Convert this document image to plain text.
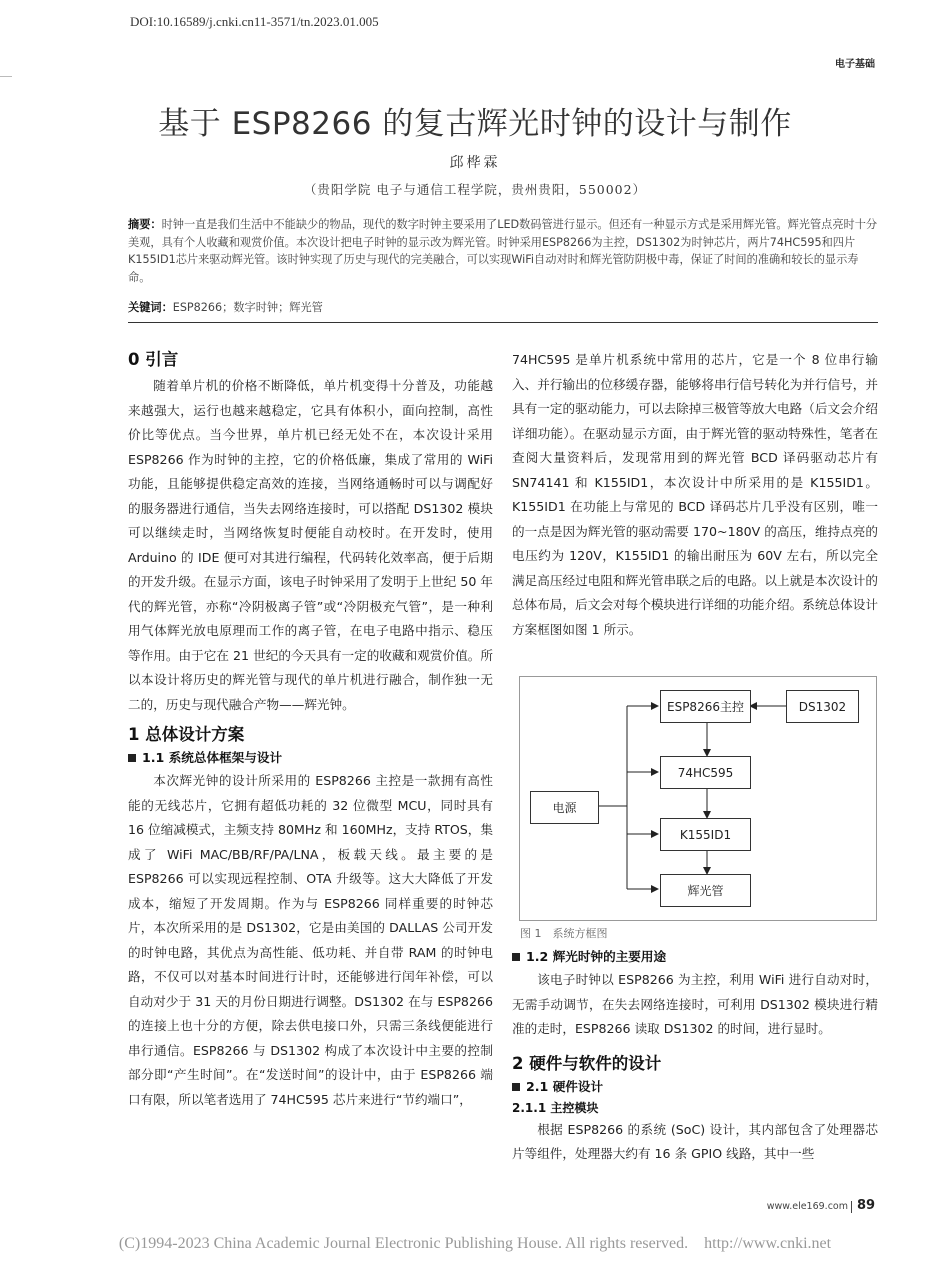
DOI:10.16589/j.cnki.cn11-3571/tn.2023.01.005
电子基础
基于 ESP8266 的复古辉光时钟的设计与制作
邱桦霖
（贵阳学院 电子与通信工程学院，贵州贵阳，550002）
摘要：时钟一直是我们生活中不能缺少的物品，现代的数字时钟主要采用了LED数码管进行显示。但还有一种显示方式是采用辉光管。辉光管点亮时十分美观，具有个人收藏和观赏价值。本次设计把电子时钟的显示改为辉光管。时钟采用ESP8266为主控，DS1302为时钟芯片，两片74HC595和四片K155ID1芯片来驱动辉光管。该时钟实现了历史与现代的完美融合，可以实现WiFi自动对时和辉光管防阴极中毒，保证了时间的准确和较长的显示寿命。
关键词：ESP8266；数字时钟；辉光管
0 引言

随着单片机的价格不断降低，单片机变得十分普及，功能越来越强大，运行也越来越稳定，它具有体积小，面向控制，高性价比等优点。当今世界，单片机已经无处不在，本次设计采用 ESP8266 作为时钟的主控，它的价格低廉，集成了常用的 WiFi 功能，且能够提供稳定高效的连接，当网络通畅时可以与调配好的服务器进行通信，当失去网络连接时，可以搭配 DS1302 模块可以继续走时，当网络恢复时便能自动校时。在开发时，使用 Arduino 的 IDE 便可对其进行编程，代码转化效率高，便于后期的开发升级。在显示方面，该电子时钟采用了发明于上世纪 50 年代的辉光管，亦称“冷阴极离子管”或“冷阴极充气管”，是一种利用气体辉光放电原理而工作的离子管，在电子电路中指示、稳压等作用。由于它在 21 世纪的今天具有一定的收藏和观赏价值。所以本设计将历史的辉光管与现代的单片机进行融合，制作独一无二的，历史与现代融合产物——辉光钟。

1 总体设计方案
1.1 系统总体框架与设计

本次辉光钟的设计所采用的 ESP8266 主控是一款拥有高性能的无线芯片，它拥有超低功耗的 32 位微型 MCU，同时具有 16 位缩减模式，主频支持 80MHz 和 160MHz，支持 RTOS，集成了 WiFi MAC/BB/RF/PA/LNA，板载天线。最主要的是 ESP8266 可以实现远程控制、OTA 升级等。这大大降低了开发成本，缩短了开发周期。作为与 ESP8266 同样重要的时钟芯片，本次所采用的是 DS1302，它是由美国的 DALLAS 公司开发的时钟电路，其优点为高性能、低功耗、并自带 RAM 的时钟电路，不仅可以对基本时间进行计时，还能够进行闰年补偿，可以自动对少于 31 天的月份日期进行调整。DS1302 在与 ESP8266 的连接上也十分的方便，除去供电接口外，只需三条线便能进行串行通信。ESP8266 与 DS1302 构成了本次设计中主要的控制部分即“产生时间”。在“发送时间”的设计中，由于 ESP8266 端口有限，所以笔者选用了 74HC595 芯片来进行“节约端口”，

74HC595 是单片机系统中常用的芯片，它是一个 8 位串行输入、并行输出的位移缓存器，能够将串行信号转化为并行信号，并具有一定的驱动能力，可以去除掉三极管等放大电路（后文会介绍详细功能）。在驱动显示方面，由于辉光管的驱动特殊性，笔者在查阅大量资料后，发现常用到的辉光管 BCD 译码驱动芯片有 SN74141 和 K155ID1，本次设计中所采用的是 K155ID1。K155ID1 在功能上与常见的 BCD 译码芯片几乎没有区别，唯一的一点是因为辉光管的驱动需要 170~180V 的高压，维持点亮的电压约为 120V，K155ID1 的输出耐压为 60V 左右，所以完全满足高压经过电阻和辉光管串联之后的电路。以上就是本次设计的总体布局，后文会对每个模块进行详细的功能介绍。系统总体设计方案框图如图 1 所示。

ESP8266主控	DS1302
74HC595
电源
K155ID1
辉光管
图 1　系统方框图
1.2 辉光时钟的主要用途

该电子时钟以 ESP8266 为主控，利用 WiFi 进行自动对时，无需手动调节，在失去网络连接时，可利用 DS1302 模块进行精准的走时，ESP8266 读取 DS1302 的时间，进行显时。

2 硬件与软件的设计
2.1 硬件设计
2.1.1 主控模块

根据 ESP8266 的系统 (SoC) 设计，其内部包含了处理器芯片等组件，处理器大约有 16 条 GPIO 线路，其中一些

www.ele169.com 89
(C)1994-2023 China Academic Journal Electronic Publishing House. All rights reserved.    http://www.cnki.net
